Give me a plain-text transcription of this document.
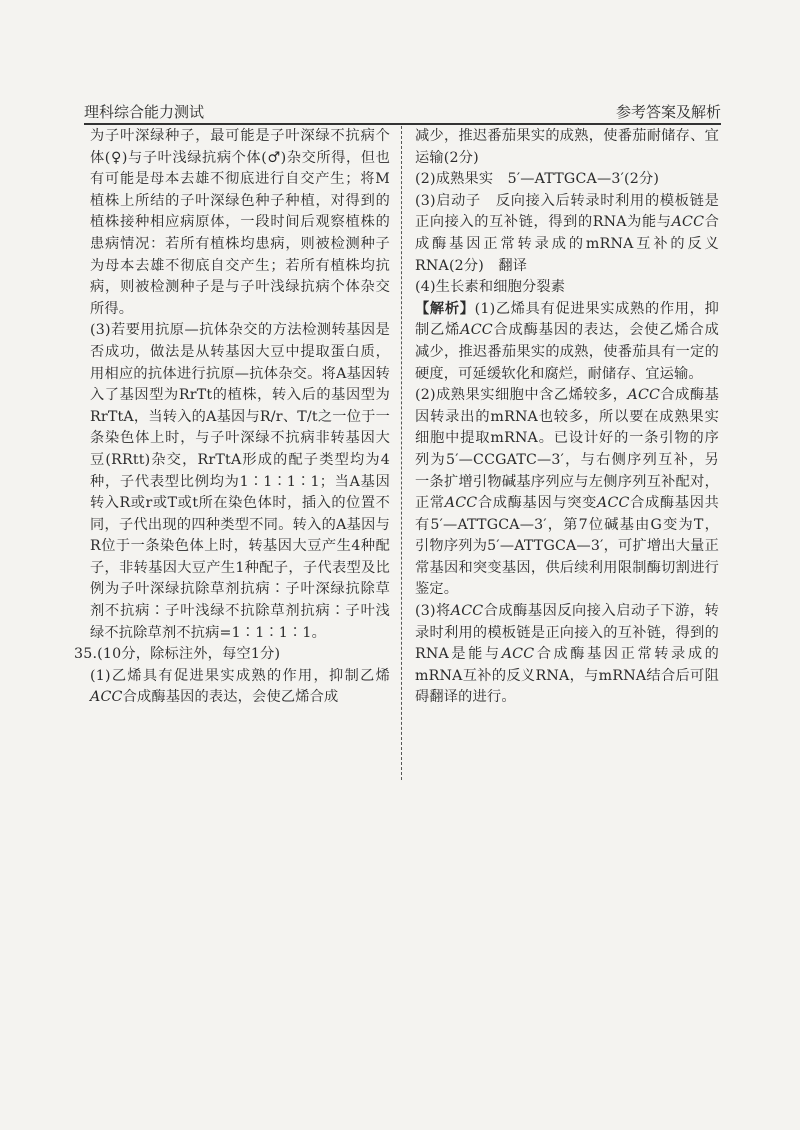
理科综合能力测试	参考答案及解析

为子叶深绿种子，最可能是子叶深绿不抗病个体(♀)与子叶浅绿抗病个体(♂)杂交所得，但也有可能是母本去雄不彻底进行自交产生；将M植株上所结的子叶深绿色种子种植，对得到的植株接种相应病原体，一段时间后观察植株的患病情况：若所有植株均患病，则被检测种子为母本去雄不彻底自交产生；若所有植株均抗病，则被检测种子是与子叶浅绿抗病个体杂交所得。

(3)若要用抗原—抗体杂交的方法检测转基因是否成功，做法是从转基因大豆中提取蛋白质，用相应的抗体进行抗原—抗体杂交。将A基因转入了基因型为RrTt的植株，转入后的基因型为RrTtA，当转入的A基因与R/r、T/t之一位于一条染色体上时，与子叶深绿不抗病非转基因大豆(RRtt)杂交，RrTtA形成的配子类型均为4种，子代表型比例均为1∶1∶1∶1；当A基因转入R或r或T或t所在染色体时，插入的位置不同，子代出现的四种类型不同。转入的A基因与R位于一条染色体上时，转基因大豆产生4种配子，非转基因大豆产生1种配子，子代表型及比例为子叶深绿抗除草剂抗病∶子叶深绿抗除草剂不抗病∶子叶浅绿不抗除草剂抗病∶子叶浅绿不抗除草剂不抗病=1∶1∶1∶1。

35.(10分，除标注外，每空1分)

(1)乙烯具有促进果实成熟的作用，抑制乙烯ACC合成酶基因的表达，会使乙烯合成

减少，推迟番茄果实的成熟，使番茄耐储存、宜运输(2分)

(2)成熟果实　5′—ATTGCA—3′(2分)

(3)启动子　反向接入后转录时利用的模板链是正向接入的互补链，得到的RNA为能与ACC合成酶基因正常转录成的mRNA互补的反义RNA(2分)　翻译

(4)生长素和细胞分裂素

【解析】(1)乙烯具有促进果实成熟的作用，抑制乙烯ACC合成酶基因的表达，会使乙烯合成减少，推迟番茄果实的成熟，使番茄具有一定的硬度，可延缓软化和腐烂，耐储存、宜运输。

(2)成熟果实细胞中含乙烯较多，ACC合成酶基因转录出的mRNA也较多，所以要在成熟果实细胞中提取mRNA。已设计好的一条引物的序列为5′—CCGATC—3′，与右侧序列互补，另一条扩增引物碱基序列应与左侧序列互补配对，正常ACC合成酶基因与突变ACC合成酶基因共有5′—ATTGCA—3′，第7位碱基由G变为T，引物序列为5′—ATTGCA—3′，可扩增出大量正常基因和突变基因，供后续利用限制酶切割进行鉴定。

(3)将ACC合成酶基因反向接入启动子下游，转录时利用的模板链是正向接入的互补链，得到的RNA是能与ACC合成酶基因正常转录成的mRNA互补的反义RNA，与mRNA结合后可阻碍翻译的进行。
